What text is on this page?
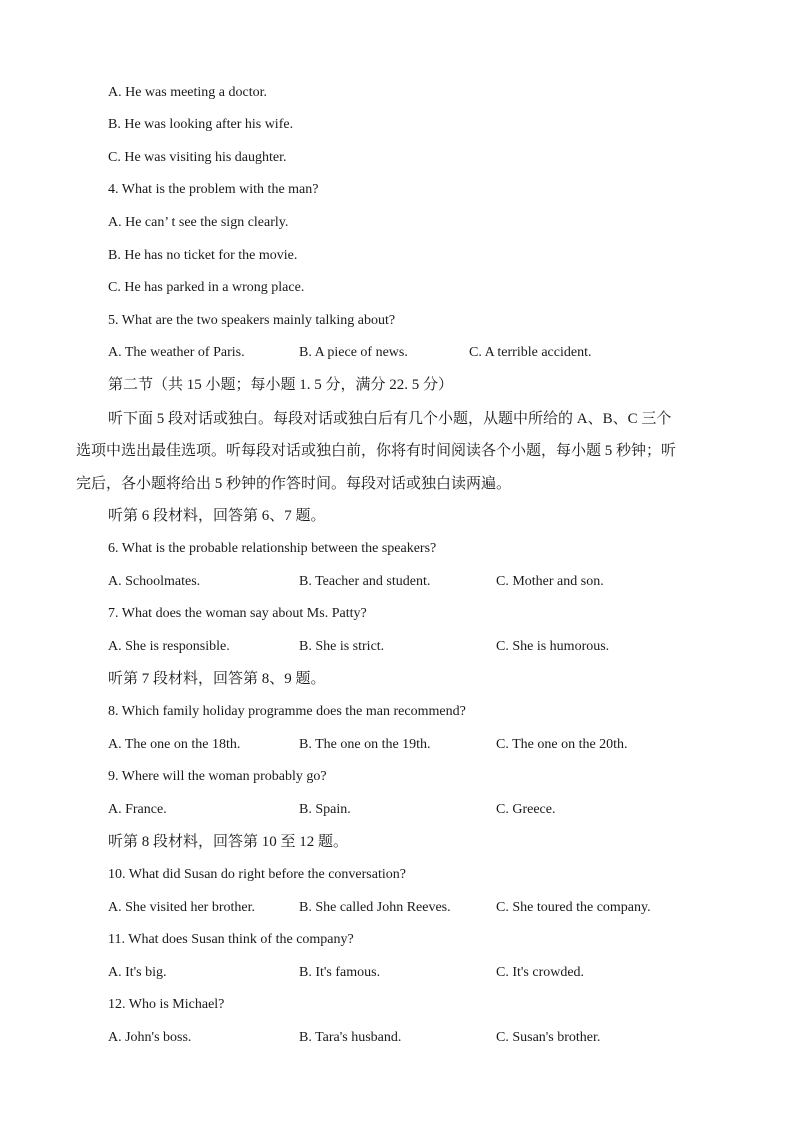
A. He was meeting a doctor.
B. He was looking after his wife.
C. He was visiting his daughter.
4. What is the problem with the man?
A. He can’ t see the sign clearly.
B. He has no ticket for the movie.
C. He has parked in a wrong place.
5. What are the two speakers mainly talking about?
A. The weather of Paris.	B. A piece of news.	C. A terrible accident.
第二节（共 15 小题；每小题 1. 5 分，满分 22. 5 分）
听下面 5 段对话或独白。每段对话或独白后有几个小题，从题中所给的 A、B、C 三个
选项中选出最佳选项。听每段对话或独白前，你将有时间阅读各个小题，每小题 5 秒钟；听
完后，各小题将给出 5 秒钟的作答时间。每段对话或独白读两遍。
听第 6 段材料，回答第 6、7 题。
6. What is the probable relationship between the speakers?
A. Schoolmates.	B. Teacher and student.	C. Mother and son.
7. What does the woman say about Ms. Patty?
A. She is responsible.	B. She is strict.	C. She is humorous.
听第 7 段材料，回答第 8、9 题。
8. Which family holiday programme does the man recommend?
A. The one on the 18th.	B. The one on the 19th.	C. The one on the 20th.
9. Where will the woman probably go?
A. France.	B. Spain.	C. Greece.
听第 8 段材料，回答第 10 至 12 题。
10. What did Susan do right before the conversation?
A. She visited her brother.	B. She called John Reeves.	C. She toured the company.
11. What does Susan think of the company?
A. It's big.	B. It's famous.	C. It's crowded.
12. Who is Michael?
A. John's boss.	B. Tara's husband.	C. Susan's brother.
